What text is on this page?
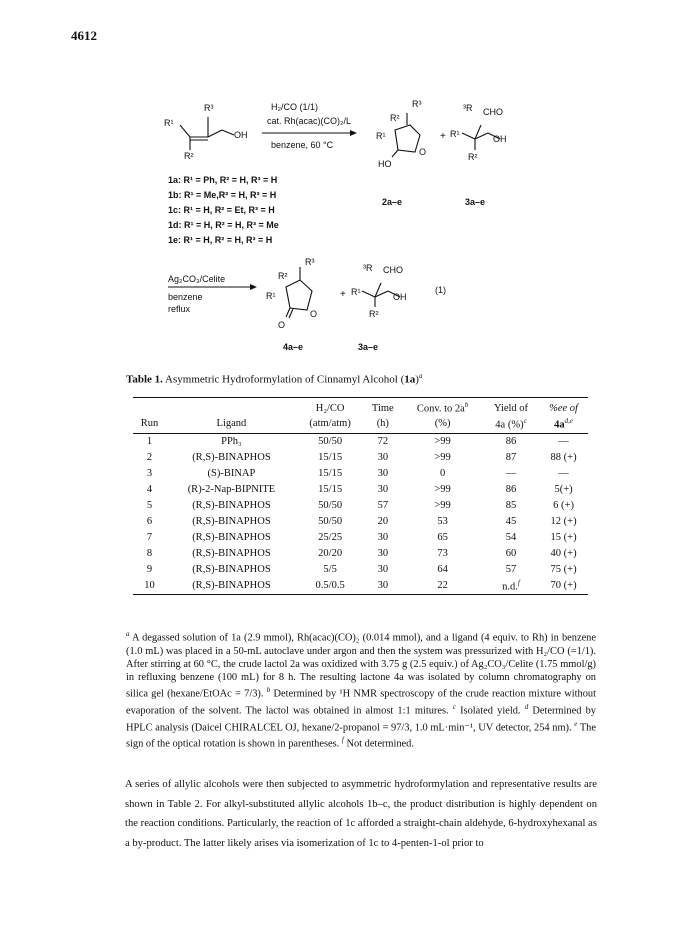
4612
R³
R¹
OH
R²
H₂/CO (1/1)
cat. Rh(acac)(CO)₂/L
benzene, 60 °C
R³
R²
R¹
O
HO
+
³R CHO
R¹	OH
R²
1a: R¹ = Ph, R² = H, R³ = H
1b: R¹ = Me,R² = H, R³ = H
1c: R¹ = H, R² = Et, R³ = H
1d: R¹ = H, R² = H, R³ = Me
1e: R¹ = H, R² = H, R³ = H
2a–e	3a–e
Ag₂CO₃/Celite
benzene
reflux
R³
R²
R¹
O
O
+
³R CHO
R¹	OH
R²
(1)
4a–e	3a–e
Table 1. Asymmetric Hydroformylation of Cinnamyl Alcohol $(1a)^a$
		H₂/CO	Time	Conv. to $2a^b$	Yield of	%ee of
Run	Ligand	(atm/atm)	(h)	(%)	4a (%)$^c$	$4a^{d,e}$
1	PPh₃	50/50	72	>99	86	—
2	(R,S)-BINAPHOS	15/15	30	>99	87	88 (+)
3	(S)-BINAP	15/15	30	0	—	—
4	(R)-2-Nap-BIPNITE	15/15	30	>99	86	5(+)
5	(R,S)-BINAPHOS	50/50	57	>99	85	6 (+)
6	(R,S)-BINAPHOS	50/50	20	53	45	12 (+)
7	(R,S)-BINAPHOS	25/25	30	65	54	15 (+)
8	(R,S)-BINAPHOS	20/20	30	73	60	40 (+)
9	(R,S)-BINAPHOS	5/5	30	64	57	75 (+)
10	(R,S)-BINAPHOS	0.5/0.5	30	22	n.d.$^f$	70 (+)
$^a$ A degassed solution of 1a (2.9 mmol), Rh(acac)(CO)₂ (0.014 mmol), and a ligand (4 equiv. to Rh) in benzene (1.0 mL) was placed in a 50-mL autoclave under argon and then the system was pressurized with H₂/CO (=1/1). After stirring at 60 °C, the crude lactol 2a was oxidized with 3.75 g (2.5 equiv.) of Ag₂CO₃/Celite (1.75 mmol/g) in refluxing benzene (100 mL) for 8 h. The resulting lactone 4a was isolated by column chromatography on silica gel (hexane/EtOAc = 7/3). $^b$ Determined by ¹H NMR spectroscopy of the crude reaction mixture without evaporation of the solvent. The lactol was obtained in almost 1:1 mitures. $^c$ Isolated yield. $^d$ Determined by HPLC analysis (Daicel CHIRALCEL OJ, hexane/2-propanol = 97/3, 1.0 mL·min⁻¹, UV detector, 254 nm). $^e$ The sign of the optical rotation is shown in parentheses. $^f$ Not determined.
A series of allylic alcohols were then subjected to asymmetric hydroformylation and representative results are shown in Table 2. For alkyl-substituted allylic alcohols 1b–c, the product distribution is highly dependent on the reaction conditions. Particularly, the reaction of 1c afforded a straight-chain aldehyde, 6-hydroxyhexanal as a by-product. The latter likely arises via isomerization of 1c to 4-penten-1-ol prior to
